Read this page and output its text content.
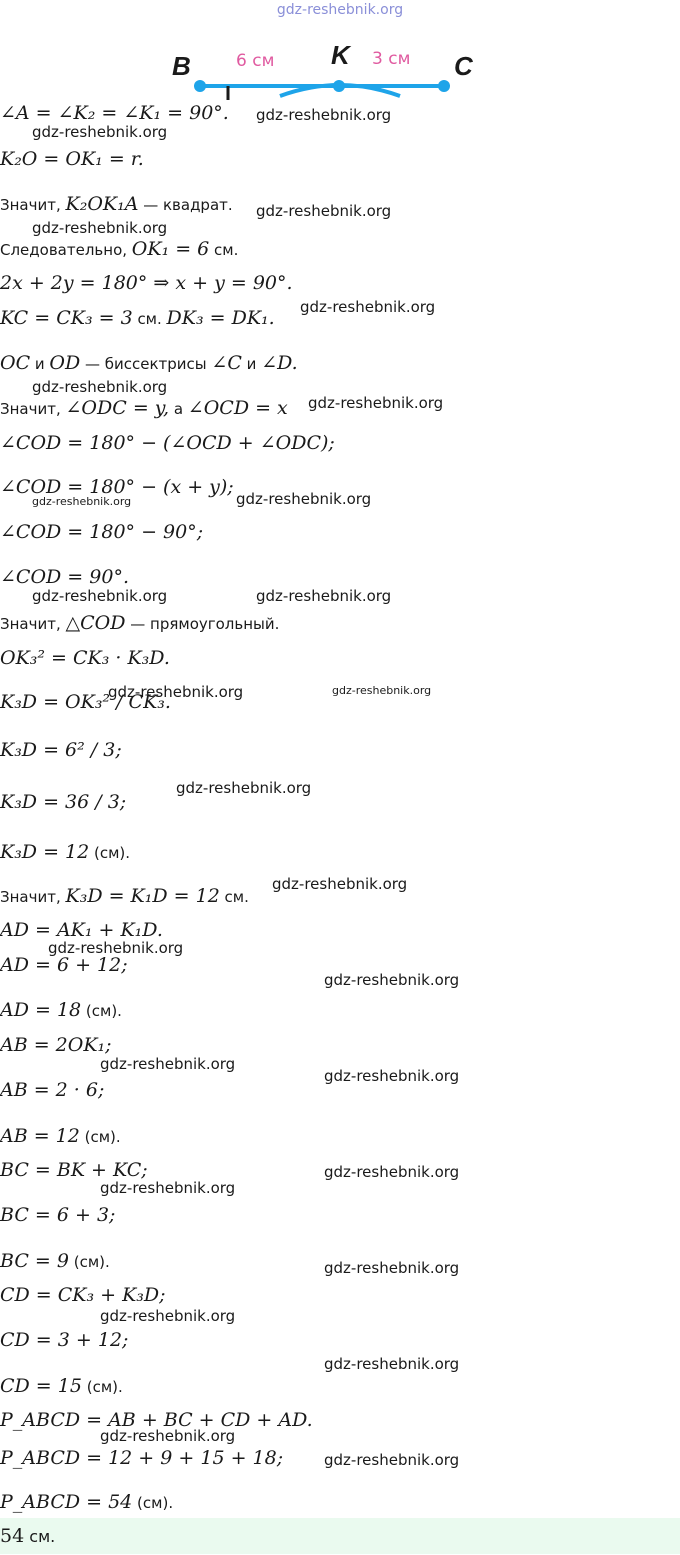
gdz-reshebnik.org
B	K	C
6 см	3 см
∠A = ∠K₂ = ∠K₁ = 90°.
K₂O = OK₁ = r.
Значит, K₂OK₁A — квадрат.
Следовательно, OK₁ = 6 см.
2x + 2y = 180° ⇒ x + y = 90°.
KC = CK₃ = 3 см. DK₃ = DK₁.
OC и OD — биссектрисы ∠C и ∠D.
Значит, ∠ODC = y, а ∠OCD = x
∠COD = 180° − (∠OCD + ∠ODC);
∠COD = 180° − (x + y);
∠COD = 180° − 90°;
∠COD = 90°.
Значит, △COD — прямоугольный.
OK₃² = CK₃ · K₃D.
K₃D = OK₃² / CK₃.
K₃D = 6² / 3;
K₃D = 36 / 3;
K₃D = 12 (см).
Значит, K₃D = K₁D = 12 см.
AD = AK₁ + K₁D.
AD = 6 + 12;
AD = 18 (см).
AB = 2OK₁;
AB = 2 · 6;
AB = 12 (см).
BC = BK + KC;
BC = 6 + 3;
BC = 9 (см).
CD = CK₃ + K₃D;
CD = 3 + 12;
CD = 15 (см).
P_ABCD = AB + BC + CD + AD.
P_ABCD = 12 + 9 + 15 + 18;
P_ABCD = 54 (см).
gdz-reshebnik.org
gdz-reshebnik.org
gdz-reshebnik.org
gdz-reshebnik.org
gdz-reshebnik.org
gdz-reshebnik.org
gdz-reshebnik.org
gdz-reshebnik.org	gdz-reshebnik.org
gdz-reshebnik.org	gdz-reshebnik.org
gdz-reshebnik.org	gdz-reshebnik.org
gdz-reshebnik.org
gdz-reshebnik.org
gdz-reshebnik.org
gdz-reshebnik.org
gdz-reshebnik.org
gdz-reshebnik.org
gdz-reshebnik.org
gdz-reshebnik.org
gdz-reshebnik.org
gdz-reshebnik.org
gdz-reshebnik.org
gdz-reshebnik.org
gdz-reshebnik.org
54 см.
